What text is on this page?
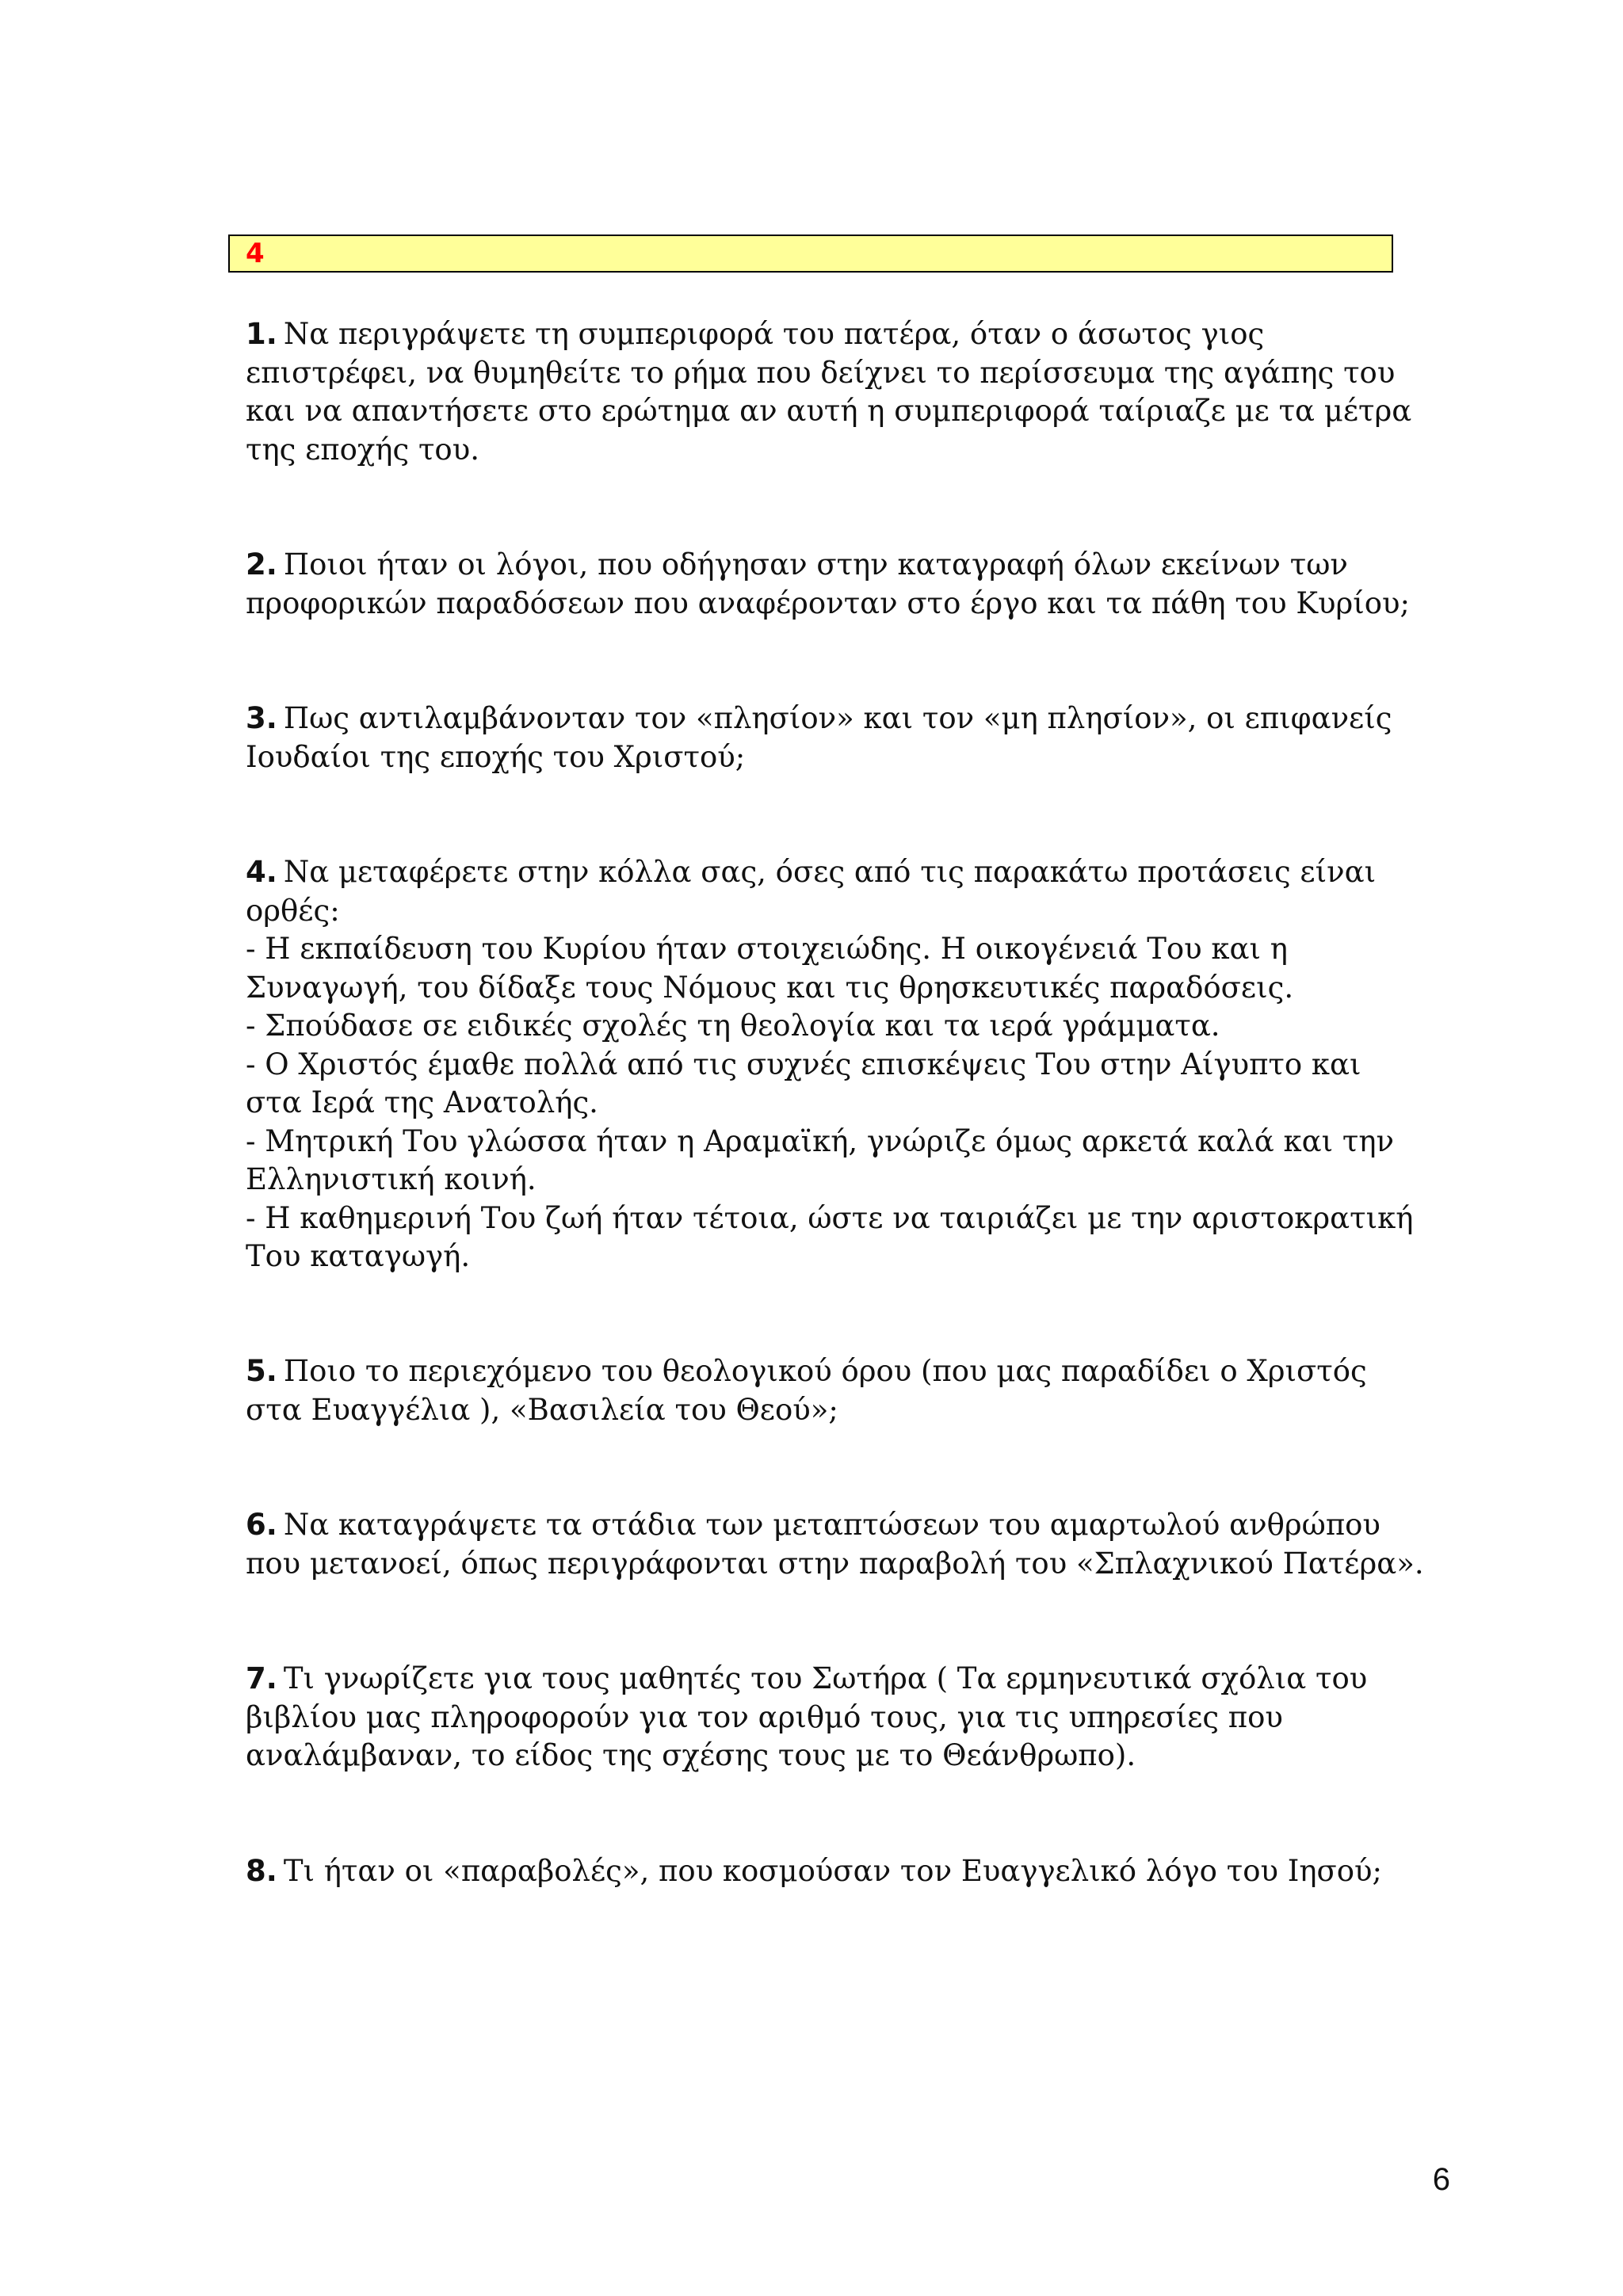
4
1. Να περιγράψετε τη συμπεριφορά του πατέρα, όταν ο άσωτος γιος
επιστρέφει, να θυμηθείτε το ρήμα που δείχνει το περίσσευμα της αγάπης του
και να απαντήσετε στο ερώτημα αν αυτή η συμπεριφορά ταίριαζε με τα μέτρα
της εποχής του.
2. Ποιοι ήταν οι λόγοι, που οδήγησαν στην καταγραφή όλων εκείνων των
προφορικών παραδόσεων που αναφέρονταν στο έργο και τα πάθη του Κυρίου;
3. Πως αντιλαμβάνονταν τον «πλησίον» και τον «μη πλησίον», οι επιφανείς
Ιουδαίοι της εποχής του Χριστού;
4. Να μεταφέρετε στην κόλλα σας, όσες από τις παρακάτω προτάσεις είναι
ορθές:
- Η εκπαίδευση του Κυρίου ήταν στοιχειώδης. Η οικογένειά Του και η
Συναγωγή, του δίδαξε τους Νόμους και τις θρησκευτικές παραδόσεις.
- Σπούδασε σε ειδικές σχολές τη θεολογία και τα ιερά γράμματα.
- Ο Χριστός έμαθε πολλά από τις συχνές επισκέψεις Του στην Αίγυπτο και
στα Ιερά της Ανατολής.
- Μητρική Του γλώσσα ήταν η Αραμαϊκή, γνώριζε όμως αρκετά καλά και την
Ελληνιστική κοινή.
- Η καθημερινή Του ζωή ήταν τέτοια, ώστε να ταιριάζει με την αριστοκρατική
Του καταγωγή.
5. Ποιο το περιεχόμενο του θεολογικού όρου (που μας παραδίδει ο Χριστός
στα Ευαγγέλια ), «Βασιλεία του Θεού»;
6. Να καταγράψετε τα στάδια των μεταπτώσεων του αμαρτωλού ανθρώπου
που μετανοεί, όπως περιγράφονται στην παραβολή του «Σπλαχνικού Πατέρα».
7. Τι γνωρίζετε για τους μαθητές του Σωτήρα ( Τα ερμηνευτικά σχόλια του
βιβλίου μας πληροφορούν για τον αριθμό τους, για τις υπηρεσίες που
αναλάμβαναν, το είδος της σχέσης τους με το Θεάνθρωπο).
8. Τι ήταν οι «παραβολές», που κοσμούσαν τον Ευαγγελικό λόγο του Ιησού;
6
